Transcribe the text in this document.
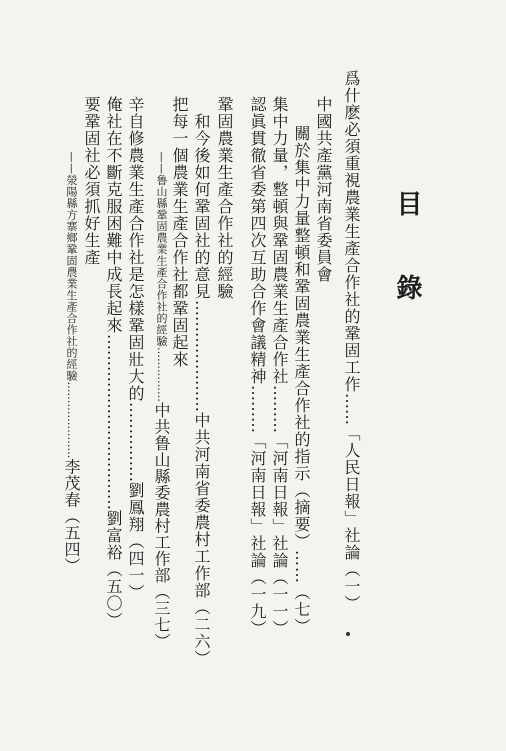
目錄
爲什麽必須重視農業生產合作社的鞏固工作……「人民日報」社論（一）
中國共產黨河南省委員會
　關於集中力量整頓和鞏固農業生產合作社的指示（摘要）……（七）
集中力量，整頓與鞏固農業生產合作社………「河南日報」社論（一一）
認眞貫徹省委第四次互助合作會議精神………「河南日報」社論（一九）
鞏固農業生產合作社的經驗
　和今後如何鞏固社的意見…………………中共河南省委農村工作部（二六）
把每一個農業生產合作社都鞏固起來
　——鲁山縣鞏固農業生產合作社的經驗……………中共鲁山縣委農村工作部（三七）
辛自修農業生產合作社是怎樣鞏固壯大的……………劉鳳翔（四一）
俺社在不斷克服困難中成長起來……………………………劉富裕（五〇）
要鞏固社必須抓好生產
　——滎陽縣方寨鄉鞏固農業生產合作社的經驗…………………李茂春（五四）
